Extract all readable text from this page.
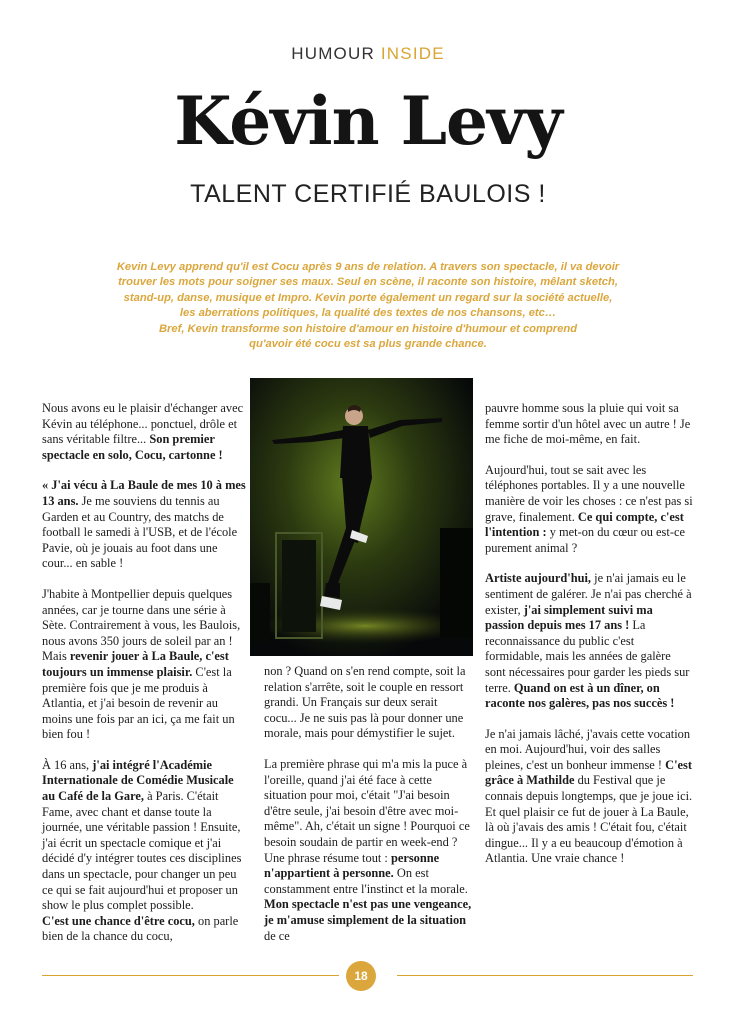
HUMOUR INSIDE
Kévin Levy
TALENT CERTIFIÉ BAULOIS !
Kevin Levy apprend qu'il est Cocu après 9 ans de relation. A travers son spectacle, il va devoir
trouver les mots pour soigner ses maux. Seul en scène, il raconte son histoire, mêlant sketch,
stand-up, danse, musique et Impro. Kevin porte également un regard sur la société actuelle,
les aberrations politiques, la qualité des textes de nos chansons, etc…
Bref, Kevin transforme son histoire d'amour en histoire d'humour et comprend
qu'avoir été cocu est sa plus grande chance.

Nous avons eu le plaisir d'échanger avec Kévin au téléphone... ponctuel, drôle et sans véritable filtre... Son premier spectacle en solo, Cocu, cartonne !

« J'ai vécu à La Baule de mes 10 à mes 13 ans. Je me souviens du tennis au Garden et au Country, des matchs de football le samedi à l'USB, et de l'école Pavie, où je jouais au foot dans une cour... en sable !

J'habite à Montpellier depuis quelques années, car je tourne dans une série à Sète. Contrairement à vous, les Baulois, nous avons 350 jours de soleil par an ! Mais revenir jouer à La Baule, c'est toujours un immense plaisir. C'est la première fois que je me produis à Atlantia, et j'ai besoin de revenir au moins une fois par an ici, ça me fait un bien fou !

À 16 ans, j'ai intégré l'Académie Internationale de Comédie Musicale au Café de la Gare, à Paris. C'était Fame, avec chant et danse toute la journée, une véritable passion ! Ensuite, j'ai écrit un spectacle comique et j'ai décidé d'y intégrer toutes ces disciplines dans un spectacle, pour changer un peu ce qui se fait aujourd'hui et proposer un show le plus complet possible.

C'est une chance d'être cocu, on parle bien de la chance du cocu,

non ? Quand on s'en rend compte, soit la relation s'arrête, soit le couple en ressort grandi. Un Français sur deux serait cocu... Je ne suis pas là pour donner une morale, mais pour démystifier le sujet.

La première phrase qui m'a mis la puce à l'oreille, quand j'ai été face à cette situation pour moi, c'était "J'ai besoin d'être seule, j'ai besoin d'être avec moi-même". Ah, c'était un signe ! Pourquoi ce besoin soudain de partir en week-end ? Une phrase résume tout : personne n'appartient à personne. On est constamment entre l'instinct et la morale. Mon spectacle n'est pas une vengeance, je m'amuse simplement de la situation de ce

pauvre homme sous la pluie qui voit sa femme sortir d'un hôtel avec un autre ! Je me fiche de moi-même, en fait.

Aujourd'hui, tout se sait avec les téléphones portables. Il y a une nouvelle manière de voir les choses : ce n'est pas si grave, finalement. Ce qui compte, c'est l'intention : y met-on du cœur ou est-ce purement animal ?

Artiste aujourd'hui, je n'ai jamais eu le sentiment de galérer. Je n'ai pas cherché à exister, j'ai simplement suivi ma passion depuis mes 17 ans ! La reconnaissance du public c'est formidable, mais les années de galère sont nécessaires pour garder les pieds sur terre. Quand on est à un dîner, on raconte nos galères, pas nos succès !

Je n'ai jamais lâché, j'avais cette vocation en moi. Aujourd'hui, voir des salles pleines, c'est un bonheur immense ! C'est grâce à Mathilde du Festival que je connais depuis longtemps, que je joue ici. Et quel plaisir ce fut de jouer à La Baule, là où j'avais des amis ! C'était fou, c'était dingue... Il y a eu beaucoup d'émotion à Atlantia. Une vraie chance !

18
